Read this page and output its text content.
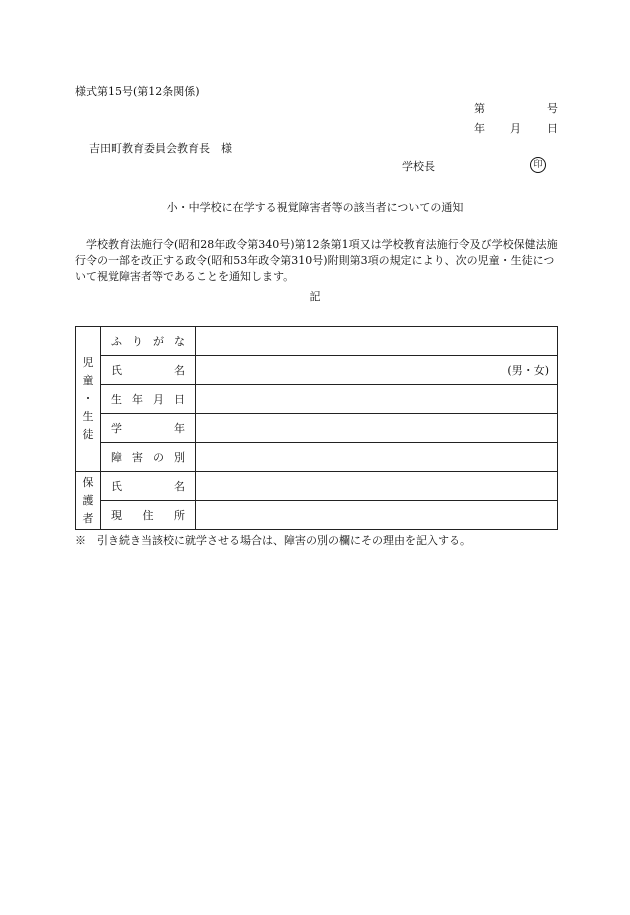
様式第15号(第12条関係)
第	号
年 月 日
吉田町教育委員会教育長　様
学校長	印
小・中学校に在学する視覚障害者等の該当者についての通知
学校教育法施行令(昭和28年政令第340号)第12条第1項又は学校教育法施行令及び学校保健法施行令の一部を改正する政令(昭和53年政令第310号)附則第3項の規定により、次の児童・生徒について視覚障害者等であることを通知します。
記
児
童
・
生
徒	ふ り が な	

	氏 名	(男・女)

	生 年 月 日	

	学 年	

	障 害 の 別	

保
護
者	氏 名	

	現 住 所	

※　引き続き当該校に就学させる場合は、障害の別の欄にその理由を記入する。
